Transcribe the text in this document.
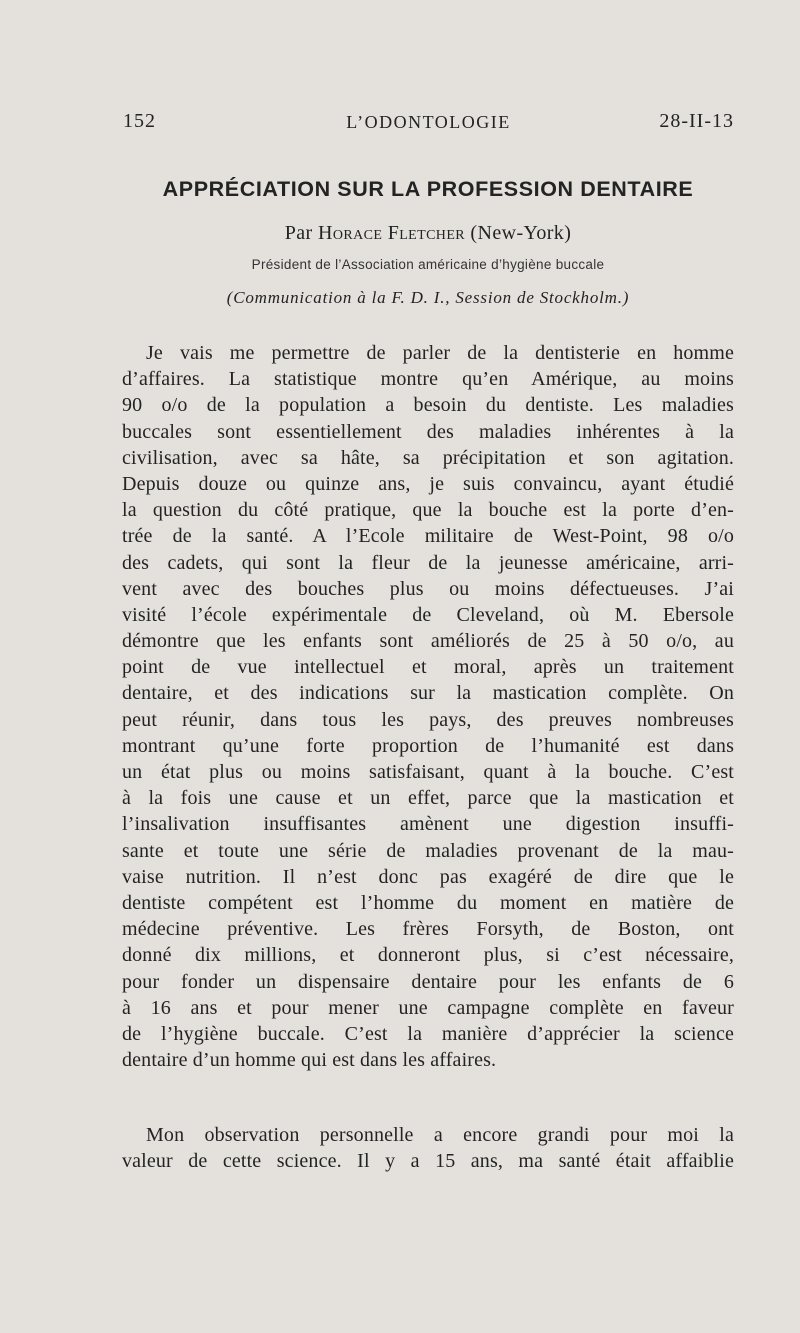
152	L’ODONTOLOGIE	28-II-13
APPRÉCIATION SUR LA PROFESSION DENTAIRE
Par Horace Fletcher (New-York)
Président de l’Association américaine d’hygiène buccale
(Communication à la F. D. I., Session de Stockholm.)
Je vais me permettre de parler de la dentisterie en homme
d’affaires. La statistique montre qu’en Amérique, au moins
90 o/o de la population a besoin du dentiste. Les maladies
buccales sont essentiellement des maladies inhérentes à la
civilisation, avec sa hâte, sa précipitation et son agitation.
Depuis douze ou quinze ans, je suis convaincu, ayant étudié
la question du côté pratique, que la bouche est la porte d’en-
trée de la santé. A l’Ecole militaire de West-Point, 98 o/o
des cadets, qui sont la fleur de la jeunesse américaine, arri-
vent avec des bouches plus ou moins défectueuses. J’ai
visité l’école expérimentale de Cleveland, où M. Ebersole
démontre que les enfants sont améliorés de 25 à 50 o/o, au
point de vue intellectuel et moral, après un traitement
dentaire, et des indications sur la mastication complète. On
peut réunir, dans tous les pays, des preuves nombreuses
montrant qu’une forte proportion de l’humanité est dans
un état plus ou moins satisfaisant, quant à la bouche. C’est
à la fois une cause et un effet, parce que la mastication et
l’insalivation insuffisantes amènent une digestion insuffi-
sante et toute une série de maladies provenant de la mau-
vaise nutrition. Il n’est donc pas exagéré de dire que le
dentiste compétent est l’homme du moment en matière de
médecine préventive. Les frères Forsyth, de Boston, ont
donné dix millions, et donneront plus, si c’est nécessaire,
pour fonder un dispensaire dentaire pour les enfants de 6
à 16 ans et pour mener une campagne complète en faveur
de l’hygiène buccale. C’est la manière d’apprécier la science
dentaire d’un homme qui est dans les affaires.
Mon observation personnelle a encore grandi pour moi la
valeur de cette science. Il y a 15 ans, ma santé était affaiblie
